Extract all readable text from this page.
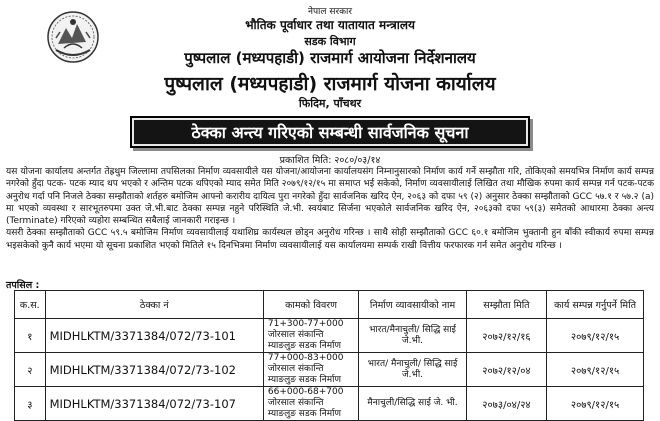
नेपाल सरकार
भौतिक पूर्वाधार तथा यातायात मन्त्रालय
सडक विभाग
पुष्पलाल (मध्यपहाडी) राजमार्ग आयोजना निर्देशनालय
पुष्पलाल (मध्यपहाडी) राजमार्ग योजना कार्यालय
फिदिम, पाँचथर
ठेक्का अन्त्य गरिएको सम्बन्धी सार्वजनिक सूचना
प्रकाशित मिति: २०८०/०३/१४

यस योजना कार्यालय अन्तर्गत तेह्रथुम जिल्लामा तपसिलका निर्माण व्यवसायीले यस योजना/आयोजना कार्यालयसंग निम्नानुसारको निर्माण कार्य गर्ने सम्झौता गरि, तोकिएको समयभित्र निर्माण कार्य सम्पन्न नगरेको हुँदा पटक- पटक म्याद थप भएको र अन्तिम पटक थपिएको म्याद समेत मिति २०७९/१२/१५ मा समाप्त भई सकेको, निर्माण व्यवसायीलाई लिखित तथा मौखिक रुपमा कार्य सम्पन्न गर्न पटक-पटक अनुरोध गर्दा पनि निजले ठेक्का सम्झौताको शर्तहरु बमोजिम आफ्नो करारीय दायित्व पुरा नगरेको हुँदा सार्वजनिक खरिद ऐन, २०६३ को दफा ५९ (२) अनुसार ठेक्का सम्झौताको GCC ५७.१ र ५७.२ (a) मा भएको व्यवस्था र सारभूतरुपमा उक्त जे.भी.बाट ठेक्का सम्पन्न नहुने परिस्थिति जे.भी. स्वयंबाट सिर्जना भएकोले सार्वजनिक खरिद ऐन, २०६३को दफा ५९(३) समेतको आधारमा ठेक्का अन्त्य (Terminate) गरिएको व्यहोरा सम्बन्धित सबैलाई जानकारी गराइन्छ ।

यसरी ठेक्का सम्झौताको GCC ५९.५ बमोजिम निर्माण व्यवसायीलाई यथाशिघ्र कार्यस्थल छोड्न अनुरोध गरिन्छ । साथै सोही सम्झौताको GCC ६०.१ बमोजिम भुक्तानी हुन बाँकी स्वीकार्य रुपमा सम्पन्न भइसकेको कुनै कार्य भएमा यो सूचना प्रकाशित भएको मितिले १५ दिनभित्रमा निर्माण व्यवसायीलाई यस कार्यालयमा सम्पर्क राखी वित्तीय फरफारक गर्न समेत अनुरोध गरिन्छ ।

तपसिल :
क.स.	ठेक्का नं	कामको विवरण	निर्माण व्यावसायीको नाम	सम्झौता मिति	कार्य सम्पन्न गर्नुपर्ने मिति
१	MIDHLKTM/3371384/072/73-101	71+300-77+000 जोरसाल संकान्ति म्याङलुङ सडक निर्माण	भारत/मैनाचुली/ सिद्धि साई जे.भी.	२०७२/१२/१६	२०७९/१२/१५
२	MIDHLKTM/3371384/072/73-102	77+000-83+000 जोरसाल संकान्ति म्याङलुङ सडक निर्माण	भारत/ मैनाचुली/ सिद्धि साई जे.भी.	२०७२/१२/०४	२०७९/१२/१५
३	MIDHLKTM/3371384/072/73-107	66+000-68+700 जोरसाल संकान्ति म्याङलुङ सडक निर्माण	मैनाचुली/सिद्धि साई जे. भी.	२०७३/०४/२४	२०७९/१२/१५
